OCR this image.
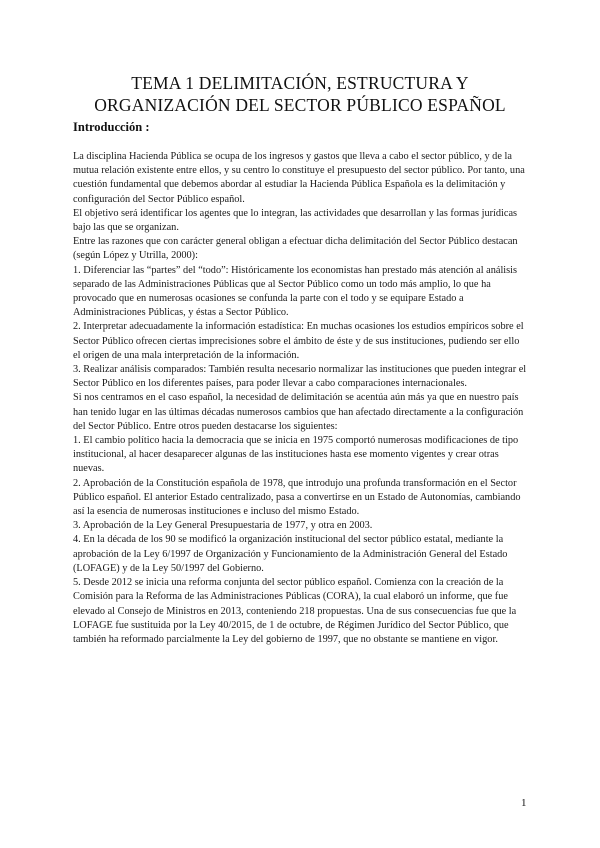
TEMA 1 DELIMITACIÓN, ESTRUCTURA Y
ORGANIZACIÓN DEL SECTOR PÚBLICO ESPAÑOL
Introducción :

La disciplina Hacienda Pública se ocupa de los ingresos y gastos que lleva a cabo el sector público, y de la mutua relación existente entre ellos, y su centro lo constituye el presupuesto del sector público. Por tanto, una cuestión fundamental que debemos abordar al estudiar la Hacienda Pública Española es la delimitación y configuración del Sector Público español.

El objetivo será identificar los agentes que lo integran, las actividades que desarrollan y las formas jurídicas bajo las que se organizan.

Entre las razones que con carácter general obligan a efectuar dicha delimitación del Sector Público destacan (según López y Utrilla, 2000):

1. Diferenciar las “partes” del “todo”: Históricamente los economistas han prestado más atención al análisis separado de las Administraciones Públicas que al Sector Público como un todo más amplio, lo que ha provocado que en numerosas ocasiones se confunda la parte con el todo y se equipare Estado a Administraciones Públicas, y éstas a Sector Público.

2. Interpretar adecuadamente la información estadística: En muchas ocasiones los estudios empíricos sobre el Sector Público ofrecen ciertas imprecisiones sobre el ámbito de éste y de sus instituciones, pudiendo ser ello el origen de una mala interpretación de la información.

3. Realizar análisis comparados: También resulta necesario normalizar las instituciones que pueden integrar el Sector Público en los diferentes países, para poder llevar a cabo comparaciones internacionales.

Si nos centramos en el caso español, la necesidad de delimitación se acentúa aún más ya que en nuestro país han tenido lugar en las últimas décadas numerosos cambios que han afectado directamente a la configuración del Sector Público. Entre otros pueden destacarse los siguientes:

1. El cambio político hacia la democracia que se inicia en 1975 comportó numerosas modificaciones de tipo institucional, al hacer desaparecer algunas de las instituciones hasta ese momento vigentes y crear otras nuevas.

2. Aprobación de la Constitución española de 1978, que introdujo una profunda transformación en el Sector Público español. El anterior Estado centralizado, pasa a convertirse en un Estado de Autonomías, cambiando así la esencia de numerosas instituciones e incluso del mismo Estado.

3. Aprobación de la Ley General Presupuestaria de 1977, y otra en 2003.

4. En la década de los 90 se modificó la organización institucional del sector público estatal, mediante la aprobación de la Ley 6/1997 de Organización y Funcionamiento de la Administración General del Estado (LOFAGE) y de la Ley 50/1997 del Gobierno.

5. Desde 2012 se inicia una reforma conjunta del sector público español. Comienza con la creación de la Comisión para la Reforma de las Administraciones Públicas (CORA), la cual elaboró un informe, que fue elevado al Consejo de Ministros en 2013, conteniendo 218 propuestas. Una de sus consecuencias fue que la LOFAGE fue sustituida por la Ley 40/2015, de 1 de octubre, de Régimen Jurídico del Sector Público, que también ha reformado parcialmente la Ley del gobierno de 1997, que no obstante se mantiene en vigor.

1
